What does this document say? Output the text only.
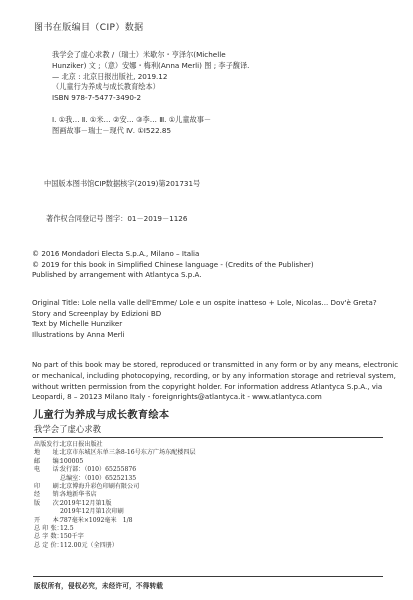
图书在版编目（CIP）数据
我学会了虚心求教 /（瑞士）米歇尔・亨泽尔(Michelle
Hunziker) 文 ;（意）安娜・梅利(Anna Merli) 图 ; 李子馥译.
— 北京 : 北京日报出版社, 2019.12
（儿童行为养成与成长教育绘本）
ISBN 978-7-5477-3490-2
Ⅰ. ①我… Ⅱ. ①米… ②安… ③李… Ⅲ. ①儿童故事－
图画故事－瑞士－现代 Ⅳ. ①I522.85
中国版本图书馆CIP数据核字(2019)第201731号
著作权合同登记号 图字：01－2019－1126
© 2016 Mondadori Electa S.p.A., Milano – Italia
© 2019 for this book in Simplified Chinese language - (Credits of the Publisher)
Published by arrangement with Atlantyca S.p.A.
Original Title: Lole nella valle dell'Emme/ Lole e un ospite inatteso + Lole, Nicolas... Dov'è Greta?
Story and Screenplay by Edizioni BD
Text by Michelle Hunziker
Illustrations by Anna Merli
No part of this book may be stored, reproduced or transmitted in any form or by any means, electronic
or mechanical, including photocopying, recording, or by any information storage and retrieval system,
without written permission from the copyright holder. For information address Atlantyca S.p.A., via
Leopardi, 8 – 20123 Milano Italy - foreignrights@atlantyca.it - www.atlantyca.com
儿童行为养成与成长教育绘本
我学会了虚心求教
出版发行：
北京日报出版社
地　　址：
北京市东城区东单三条8-16号东方广场东配楼四层
邮　　编：
100005
电　　话：
发行部：（010）65255876
总编室：（010）65252135
印　　刷：
北京博海升彩色印刷有限公司
经　　销：
各地新华书店
版　　次：
2019年12月第1版
2019年12月第1次印刷
开　　本：
787毫米×1092毫米　1/8
总 印 张：
12.5
总 字 数：
150千字
总 定 价：
112.00元（全四册）
版权所有，侵权必究，未经许可，不得转载
